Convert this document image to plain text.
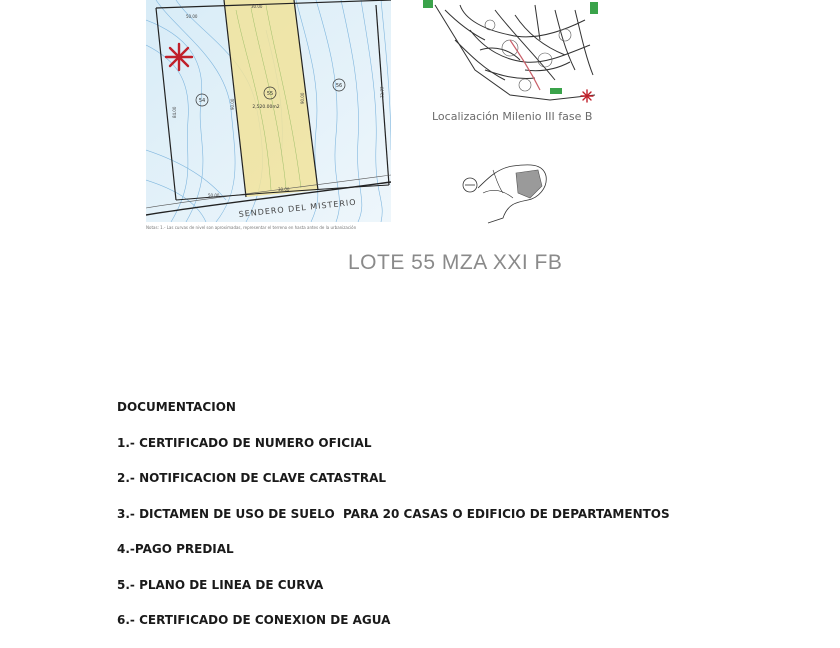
54
55
56
2,520.00m2
50.00
30.00
50.00
30.00
84.00
90.00
90.00
73.77
SENDERO DEL MISTERIO
Notas: 1.- Las curvas de nivel son aproximadas, representar el terreno en hasta antes de la urbanización
Localización Milenio III fase B
LOTE 55 MZA XXI FB
DOCUMENTACION
1.- CERTIFICADO DE NUMERO OFICIAL
2.- NOTIFICACION DE CLAVE CATASTRAL
3.- DICTAMEN DE USO DE SUELO  PARA 20 CASAS O EDIFICIO DE DEPARTAMENTOS
4.-PAGO PREDIAL
5.- PLANO DE LINEA DE CURVA
6.- CERTIFICADO DE CONEXION DE AGUA
